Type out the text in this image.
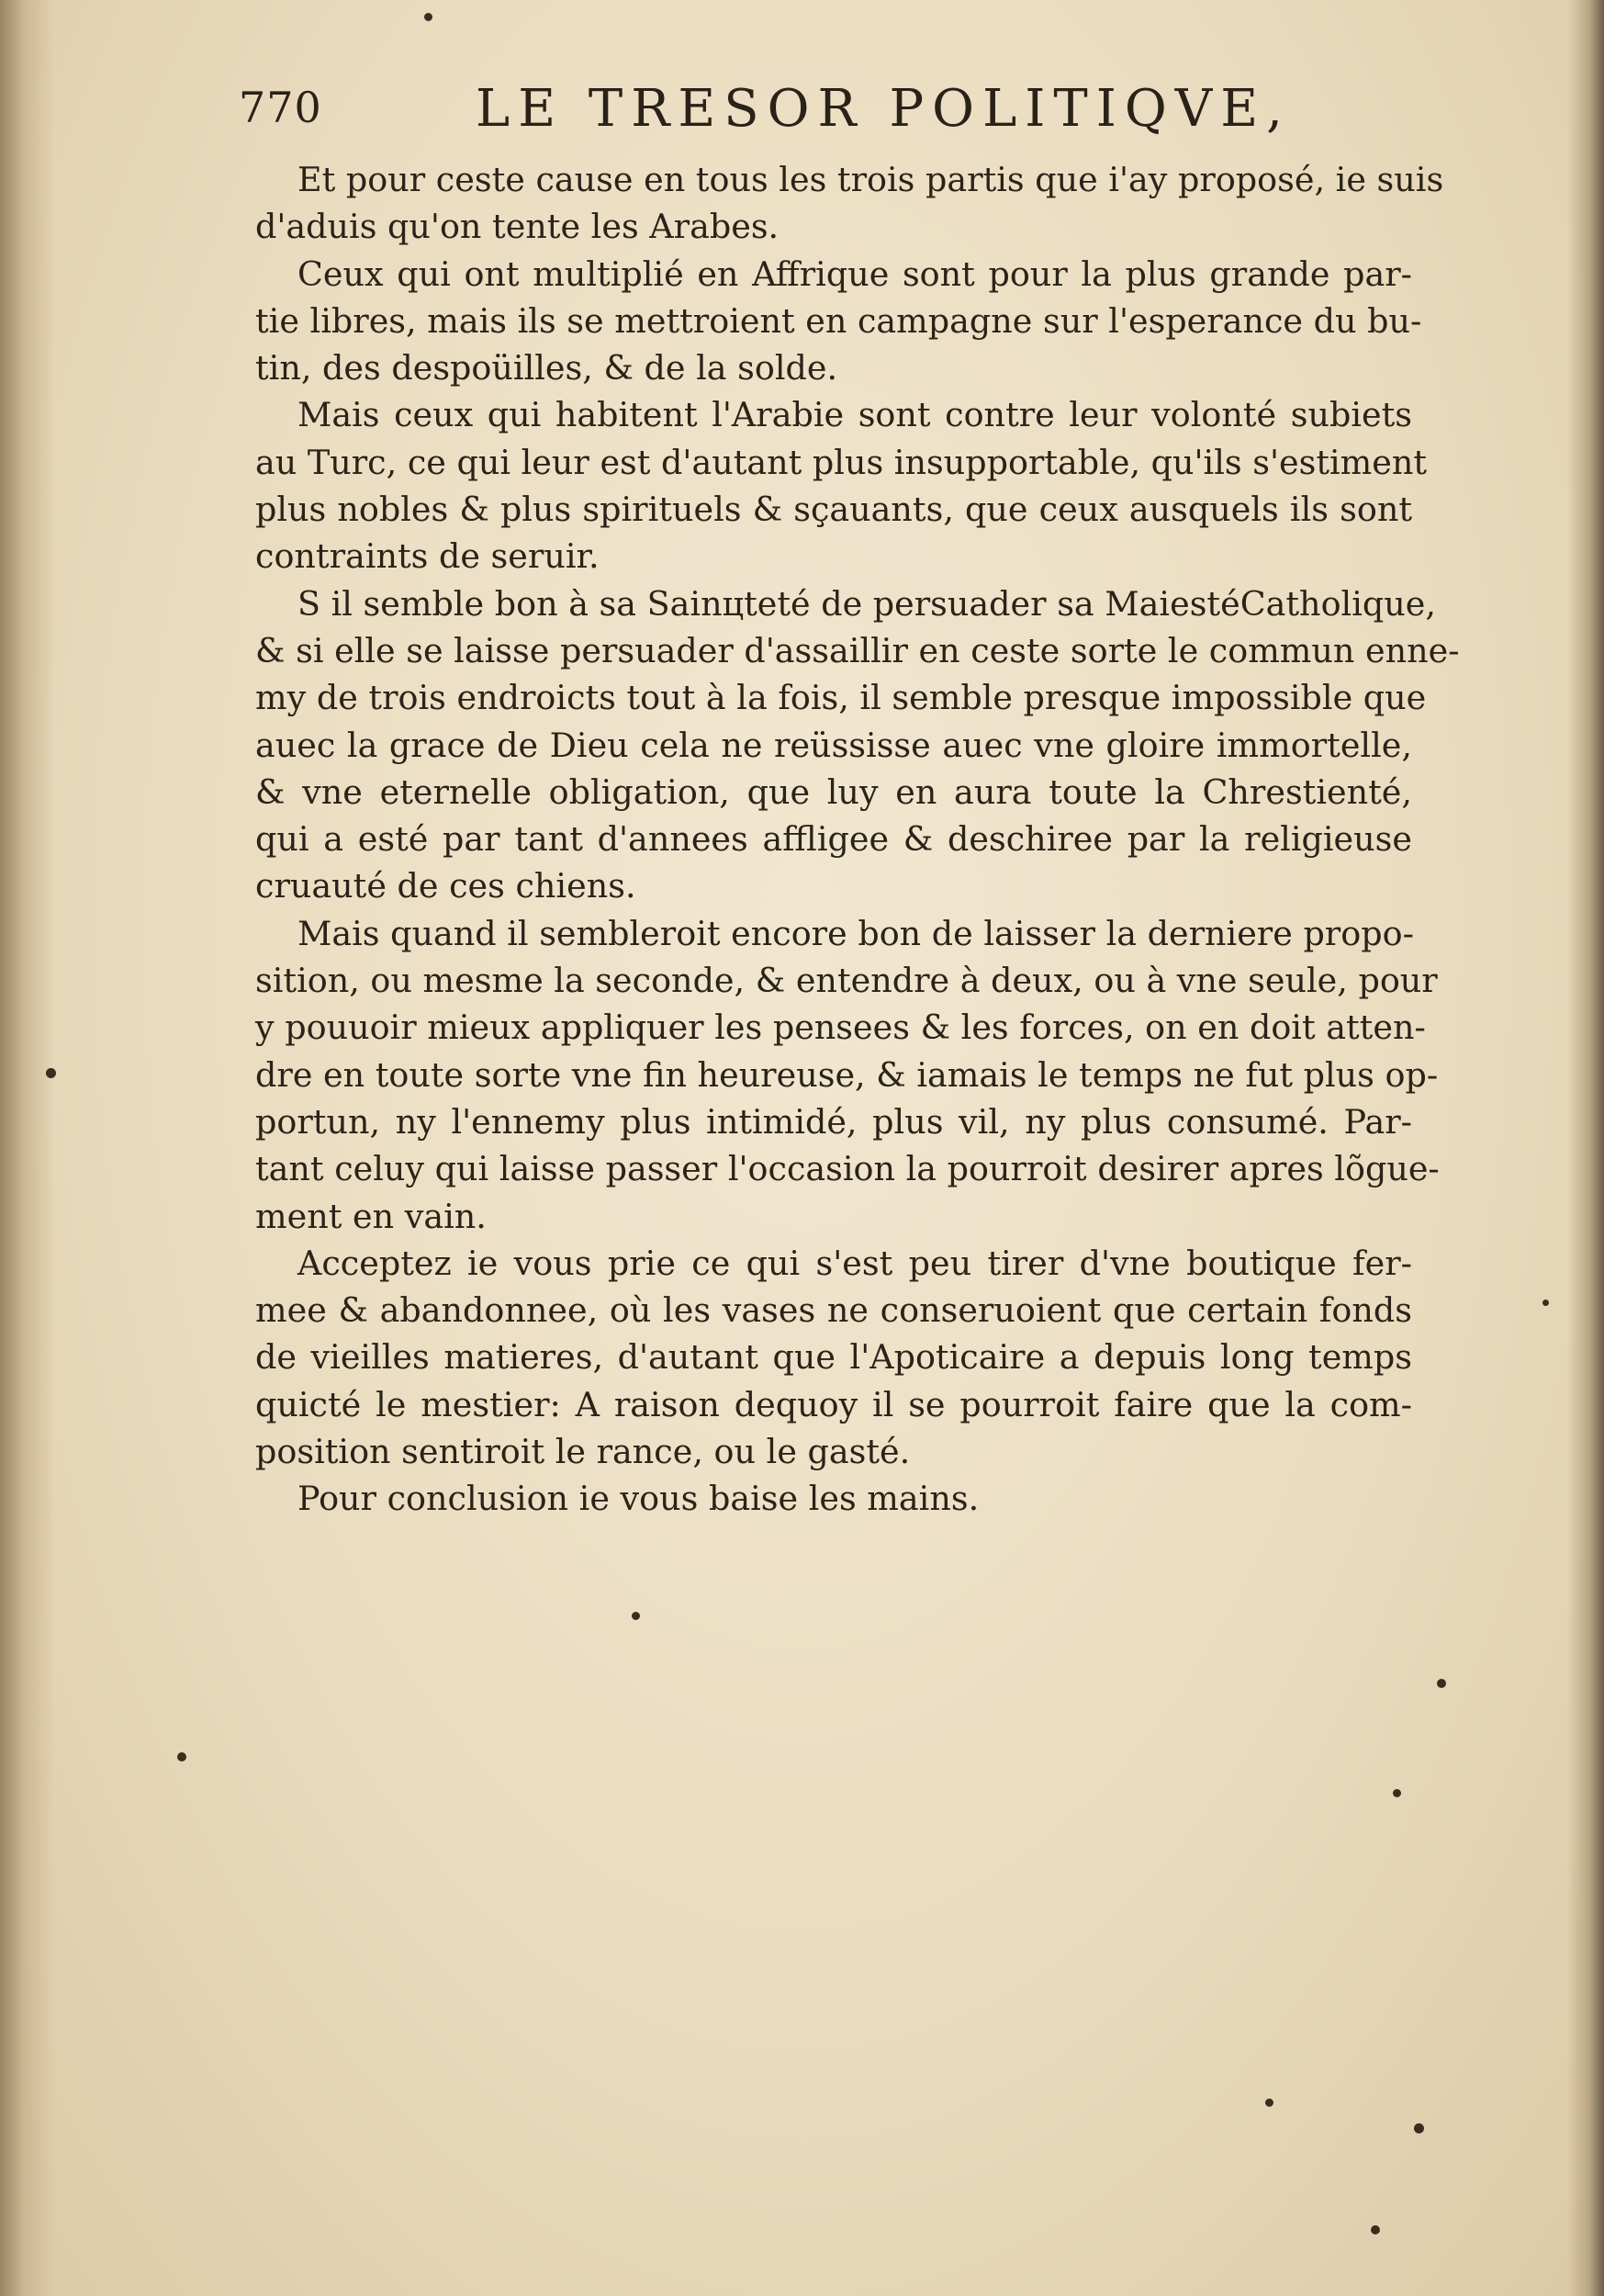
770	LE TRESOR POLITIQVE,
Et pour ceste cause en tous les trois partis que i'ay proposé, ie suis
d'aduis qu'on tente les Arabes.
Ceux qui ont multiplié en Affrique sont pour la plus grande par-
tie libres, mais ils se mettroient en campagne sur l'esperance du bu-
tin, des despoüilles, & de la solde.
Mais ceux qui habitent l'Arabie sont contre leur volonté subiets
au Turc, ce qui leur est d'autant plus insupportable, qu'ils s'estiment
plus nobles & plus spirituels & sçauants, que ceux ausquels ils sont
contraints de seruir.
S il semble bon à sa Sainцteté de persuader sa MaiestéCatholique,
& si elle se laisse persuader d'assaillir en ceste sorte le commun enne-
my de trois endroicts tout à la fois, il semble presque impossible que
auec la grace de Dieu cela ne reüssisse auec vne gloire immortelle,
& vne eternelle obligation, que luy en aura toute la Chrestienté,
qui a esté par tant d'annees affligee & deschiree par la religieuse
cruauté de ces chiens.
Mais quand il sembleroit encore bon de laisser la derniere propo-
sition, ou mesme la seconde, & entendre à deux, ou à vne seule, pour
y pouuoir mieux appliquer les pensees & les forces, on en doit atten-
dre en toute sorte vne fin heureuse, & iamais le temps ne fut plus op-
portun, ny l'ennemy plus intimidé, plus vil, ny plus consumé. Par-
tant celuy qui laisse passer l'occasion la pourroit desirer apres lõgue-
ment en vain.
Acceptez ie vous prie ce qui s'est peu tirer d'vne boutique fer-
mee & abandonnee, où les vases ne conseruoient que certain fonds
de vieilles matieres, d'autant que l'Apoticaire a depuis long temps
quicté le mestier: A raison dequoy il se pourroit faire que la com-
position sentiroit le rance, ou le gasté.
Pour conclusion ie vous baise les mains.
